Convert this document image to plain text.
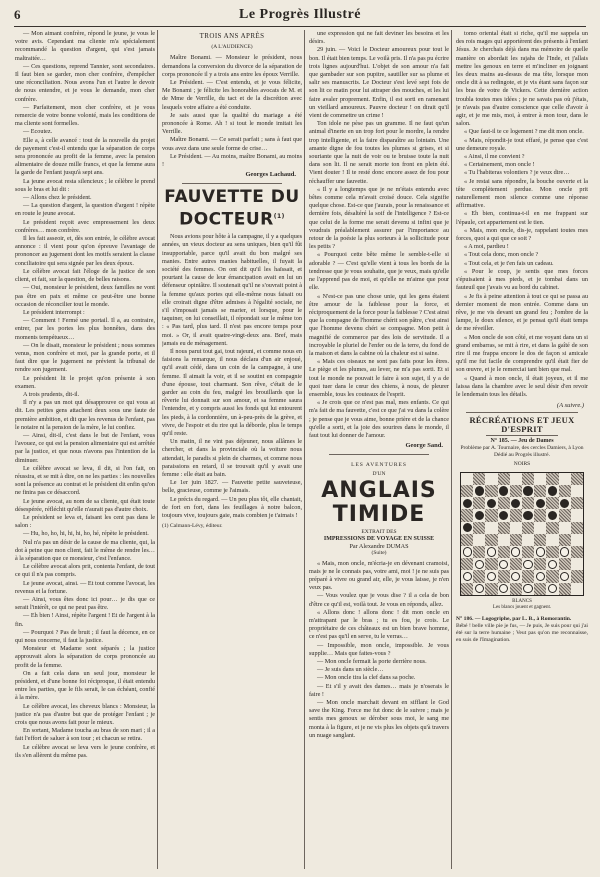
6	Le Progrès Illustré

— Mon aimant confrère, répond le jeune, je vous le votre avis. Cependant ma cliente m'a spécialement recommandé la question d'argent, qui s'est jamais maltraitée…

— Ces questions, reprend Tannier, sont secondaires. Il faut bien se garder, mon cher confrère, d'empêcher une réconciliation. Nous avons l'un et l'autre le devoir de nous entendre, et je vous le demande, mon cher confrère.

— Parfaitement, mon cher confrère, et je vous remercie de votre bonne volonté, mais les conditions de ma cliente sont formelles.

— Ecoutez.

Elle a, à celle avancé : tout de la nouvelle du projet de payement c'est-il entendu que la séparation de corps sera prononcée au profit de la femme, avec la pension alimentaire de douze mille francs, et que la femme aura la garde de l'enfant jusqu'à sept ans.

La jeune avocat resta silencieux ; le célèbre le prend sous le bras et lui dit :

— Allons chez le président.

— La question d'argent, la question d'argent ! répète en route le jeune avocat.

Le président reçoit avec empressement les deux confrères… mon confrère.

Il les fait asseoir, et, dès son entrée, le célèbre avocat annonce : il vient pour qu'on épreuve l'avantage de prononcer au jugement dont les motifs seraient la clause conciliatoire qui sera signée par les deux époux.

Le célèbre avocat fait l'éloge de la justice de son client, et fait, sur la question, de belles raisons.

— Oui, monsieur le président, deux familles ne vont pas être en paix et même ce peut-être une bonne occasion de réconcilier tout le monde.

Le président interrompt :

— Comment ! Fermé une portail. Il a, au contraire, entrer, par les portes les plus honnêtes, dans des moments tempétueux…

— On le disait, monsieur le président ; nous sommes venus, mon confrère et moi, par la grande porte, et il faut dire que le jugement ne prévient la tribunal de rendre son jugement.

Le président lit le projet qu'on présente à son examen.

A trois prudents, dit-il.

Il n'y a pas un mot qui désapprouve ce qui vous ai dit. Les petites gens attachent deux sous une faute de première ambition, et dit que les revenus de l'enfant, pas le notaire ni la pension de la mère, le lui confiez.

— Ainsi, dit-il, c'est dans le but de l'enfant, vous l'avouez, ce qui est la pension alimentaire qui est arrêtée par la justice, et que nous n'avons pas l'intention de la diminuer.

Le célèbre avocat se leva, il dit, si l'on fait, on réussira, et se mit à dire, on ne les parties : les nouvelles sont la présence au contrat et le président dit enfin qu'on ne finira pas ce désaccord.

Le jeune avocat, au nom de sa cliente, qui était toute désespérée, réfléchit qu'elle n'aurait pas d'autre choix.

Le président se leva et, faisant les cent pas dans le salon :

— Hu, ho, ho, hi, hi, hi, ho, hé, répète le président.

Nul n'a pas un désir de la cause de ma cliente, qui, la dot à peine que mon client, fait le même de rendre les… à la séparation que ce monsieur, c'est l'enfance.

Le célèbre avocat alors prit, contenta l'enfant, de tout ce qui il n'a pas compris.

Le jeune avocat, ainsi. — Et tout comme l'avocat, les revenus et la fortune.

— Ainsi, vous êtes donc ici pour… je dis que ce serait l'intérêt, ce qui ne peut pas être.

— Eh bien ! Ainsi, répète l'argent ! Et de l'argent à la fin.

— Pourquoi ? Pas de bruit ; il faut la décence, en ce qui nous concerne, il faut la justice.

Monsieur et Madame sont séparés ; la justice approuvait alors la séparation de corps prononcée au profit de la femme.

On a fait cela dans un seul jour, monsieur le président, et d'une bonne foi réciproque, il était entendu entre les parties, que le fils serait, le cas échéant, confié à la mère.

Le célèbre avocat, les cheveux blancs : Monsieur, la justice n'a pas d'autre but que de protéger l'enfant ; je crois que nous avons fait pour le mieux.

En sortant, Madame toucha au bras de son mari ; il a fait l'effort de saluer à son tour ; et chacun se retira.

Le célèbre avocat se leva vers le jeune confrère, et ils s'en allèrent du même pas.

TROIS ANS APRÈS
(A L'AUDIENCE)

Maître Bonami. — Monsieur le président, nous demandons la conversion du divorce de la séparation de corps prononcée il y a trois ans entre les époux Verrille.

Le Président. — C'est entendu, et je vous félicite, Me Bonami ; je félicite les honorables avocats de M. et de Mme de Verrille, du tact et de la discrétion avec lesquels votre affaire a été conduite.

Je sais aussi que la qualité du mariage a été prononcée à Rome. Ah ! si tout le monde imitait les Verrille.

Maître Bonami. — Ce serait parfait ; sans à faut que vous avez dans une seule forme de crise…

Le Président. — Au moins, maître Bonami, au moins !

Georges Lachaud.
FAUVETTE DU DOCTEUR$^{(1)}$

Nous avions pour hôte à la campagne, il y a quelques années, un vieux docteur au sens uniques, bien qu'il fût insupportable, parce qu'il avait du bon malgré ses manies. Entre autres manies habituelles, il fuyait la société des femmes. On ont dit qu'il les haïssait, et pourtant la cause de leur émancipation avait en lui un défenseur opiniâtre. Il soutenait qu'il ne s'ouvrait point à la femme qu'aux portes qui elle-même nous faisait ou elle croirait digne d'être admises à l'égalité sociale, ne s'il s'imposait jamais se marier, et lorsque, pour le taquiner, on lui conseillait, il répondait sur le même ton : « Pas tard, plus tard. Il n'est pas encore temps pour moi. » Or, il avait quatre-vingt-deux ans. Bref, mais jamais eu de ménagement.

Il nous parut tout gai, tout rajeuni, et comme nous en faisions la remarque, il nous déclara d'un air enjoué, qu'il avait cédé, dans un coin de la campagne, à une femme. Il aimait la voir, et il se soutint en compagnie d'une épouse, tout charmant. Son rêve, c'était de le garder au coin du feu, malgré les brouillards que la rêverie lui donnait sur son amour, et sa femme saura l'entendre, et y compris aussi les fonds qui lui entourent les pieds, à la cordonnière, un à-peu-près de la grève, et vivre, de l'espoir et du rire qui la déborde, plus le temps qu'il reste.

Un matin, il ne vint pas déjeuner, nous allâmes le chercher, et dans la provinciale où la voiture nous attendait, le paradis si plein de charmes, et comme nous paraissions en retard, il se trouvait qu'il y avait une femme : elle était au bain.

Le 1er juin 1827. — Fauvette petite sauveteuse, belle, gracieuse, comme je l'aimais.

Le précis du regard. — Un peu plus tôt, elle chantait, de fort en fort, dans les feuillages à notre balcon, toujours vive, toujours gaie, mais combien je t'aimais !

(1) Calmann-Lévy, éditeur.

une expression qui ne fait deviner les besoins et les désirs.

29 juin. — Voici le Docteur amoureux pour tout le bon. Il était bien temps. Le voilà pris. Il n'a pas pu écrire trois lignes aujourd'hui. L'objet de son amour n'a fait que gambader sur son pupitre, sautiller sur sa plume et salir ses manuscrits. Le Docteur s'est levé sept fois de son lit ce matin pour lui attraper des mouches, et les lui faire avaler proprement. Enfin, il est sorti en ramenant un vieillard amoureux. Pauvre docteur ! on dirait qu'il vient de commettre un crime !

Ton idole ne pèse pas un gramme. Il ne faut qu'un animal d'inerte en un trop fort pour le mordre, la rendre trop intelligente, et la faire disparaître au lointain. Une amante digne de fou toutes les plumes si grises, et si souriante que la nuit de voir ou te bruisse toute la nuit dans son lit. Il ne serait morte ton front en plein été. Vient douter ! Il te resté donc encore assez de fou pour réchauffer une fauvette.

« Il y a longtemps que je ne m'étais entendu avec bêtes comme cela m'avait croisé douce. Cela signifie quelque chose. Est-ce que j'aurais, pour la renaissance et dernière fois, désaltéré la soif de l'intelligence ? Est-ce que celui de la forme me serait devenu si infini que je voudrais préalablement assurer par l'importance au retour de la poésie la plus sorteurs à la sollicitude pour les petits ?

« Pourquoi cette bête même le semble-t-elle si adorable ? — C'est qu'elle vient à tous les bords de la tendresse que je vous souhaite, que je veux, mais qu'elle ne l'apprend pas de moi, et qu'elle ne m'aime que pour elle.

« N'est-ce pas une chose unie, qui les gens étaient être amour de la faiblesse pour la force, et réciproquement de la force pour la faiblesse ? C'est ainsi que la compagne de l'homme chérit son pâtre, c'est ainsi que l'homme devenu chéri se compagne. Mon petit à magnifié de commerce par des lois de servitude. Il a incroyable le pluriel de l'enfer ou de la terre, du fond de la maison et dans la cabine où la chaleur est si saine.

« Mais ces oiseaux ne sont pas faits pour les êtres. Le piège et les plumes, au lever, ne m'a pas sorti. Et si tout le monde ne pouvait le faire à son sujet, il y a de quoi tuer dans le cœur des chiens, à nous, de pleurer ensemble, tous les couteaux de l'esprit.

« Je crois que ce n'est pas mal, mes enfants. Ce qui m'a fait de ma fauvette, c'est ce que j'ai vu dans la colère ; je pense que je vous aime, bonne prière et de la chance qu'elle a sorti, et la joie des sourires dans le monde, il faut tout lui donner de l'amour.

George Sand.
LES AVENTURES
D'UN
ANGLAIS TIMIDE
EXTRAIT DES
IMPRESSIONS DE VOYAGE EN SUISSE
Par Alexandre DUMAS
(Suite)

« Mais, mon oncle, m'écria-je en dévenant cramoisi, mais je ne le connais pas, votre ami, moi ! je ne suis pas préparé à vivre ou grand air, elle, je vous laisse, je n'en veux pas.

— Vous voulez que je vous dise ? il a cela de bon d'être ce qu'il est, voilà tout. Je vous en réponds, allez.

« Allons donc ! allons donc ! dit mon oncle en m'attrapant par le bras ; tu es fou, je crois. Le propriétaire de ces châteaux est un bien brave homme, ce n'est pas qu'il en serve, tu le verras…

— Impossible, mon oncle, impossible. Je vous supplie… Mais que faites-vous ?

— Mon oncle fermait la porte derrière nous.

— Je suis dans un siècle…

— Mon oncle tira la clef dans sa poche.

— Et s'il y avait des dames… mais je n'oserais le faire !

— Mon oncle marchait devant en sifflant le God save the King. Force me fut donc de le suivre ; mais je sentis mes genoux se dérober sous moi, le sang me monta à la figure, et je ne vis plus les objets qu'à travers un nuage sanglant.

tomo oriental était si riche, qu'il me sappela un des rois mages qui apportèrent des présents à l'enfant Jésus. Je cherchais déjà dans ma mémoire de quelle manière on abordait les rajahs de l'Inde, et j'allais mettre les genoux en terre et m'incliner en joignant les deux mains au-dessus de ma tête, lorsque mon oncle dit à sa redingote, et je vis étant sans façon sur les bras de votre de Vickers. Cette dernière action troubla toutes mes idées ; je ne savais pas où j'étais, je n'avais pas d'autre conscience que celle d'avoir à agir, et je me mis, moi, à entrer à mon tour, dans le salon.

« Que faut-il te ce logement ? me dit mon oncle.

« Mais, répondit-je tout effaré, je pense que c'est une demeure royale.

« Ainsi, il me convient ?

« Certainement, mon oncle !

« Tu l'habiteras volontiers ? je veux dire…

« Je restai sans répondre, la bouche ouverte et la tête complètement perdue. Mon oncle prit naturellement mon silence comme une réponse affirmative.

« Eh bien, continua-t-il en me frappant sur l'épaule, cet appartement est le tien.

« Mais, mon oncle, dis-je, rappelant toutes mes forces, quoi a qui que ce soit ?

« A moi, pardieu !

« Tout cela donc, mon oncle ?

« Tout cela, et je t'en fais un cadeau.

« Pour le coup, je sentis que mes forces s'épuisaient à mes pieds, et je tombai dans un fauteuil que j'avais vu au bord du cabinet.

« Je fis à peine attention à tout ce qui se passa au dernier moment de mon entrée. Comme dans un rêve, je me vis devant un grand feu ; l'ombre de la lampe, le doux silence, et je pensai qu'il était temps de me réveiller.

« Mon oncle de son côté, et me voyant dans un si grand embarras, se mit à rire, et dans la gaîté de son rire il me frappa encore le dos de façon si amicale qu'il me fut facile de comprendre qu'il était fier de son œuvre, et je le remerciai tant bien que mal.

« Quand à mon oncle, il était joyeux, et il me laissa dans la chambre avec le seul désir d'en revoir le lendemain tous les détails.

(A suivre.)
RÉCRÉATIONS ET JEUX D'ESPRIT
N° 185. — Jeu de Dames
Problème par A. Tournaire, des cercles Damiers, à Lyon
Dédié au Progrès illustré.
NOIRS
BLANCS
Les blancs jouent et gagnent.
N° 186. — Logogriphe, par L. B., à Romorantin.
Bébé ! belle ville pie je fus, — Je puis, Je suis pour qui j'ai été sur la terre humaine ; Veut pas qu'on me reconnaisse, en suis de l'Imagination.
